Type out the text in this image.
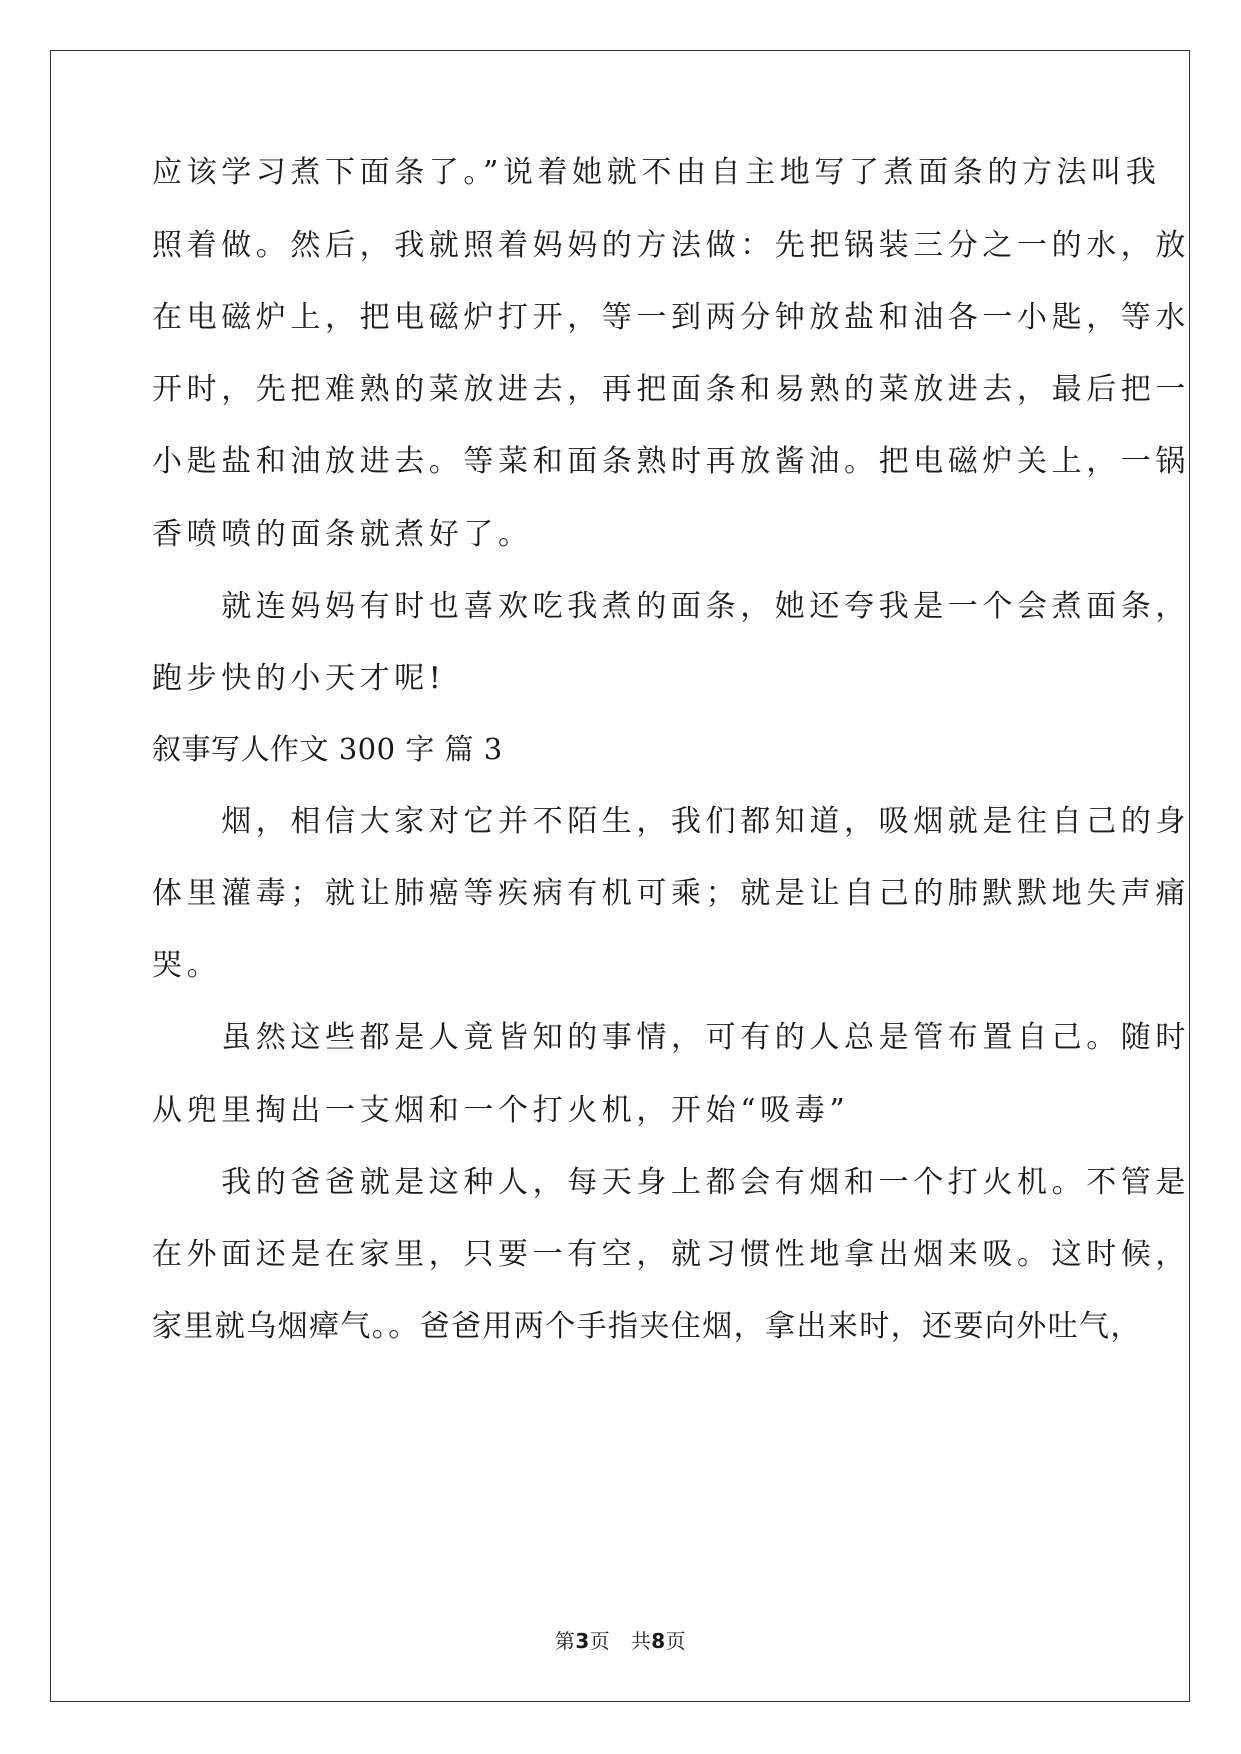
应该学习煮下面条了。”说着她就不由自主地写了煮面条的方法叫我
照着做。然后，我就照着妈妈的方法做：先把锅装三分之一的水，放
在电磁炉上，把电磁炉打开，等一到两分钟放盐和油各一小匙，等水
开时，先把难熟的菜放进去，再把面条和易熟的菜放进去，最后把一
小匙盐和油放进去。等菜和面条熟时再放酱油。把电磁炉关上，一锅
香喷喷的面条就煮好了。
　　就连妈妈有时也喜欢吃我煮的面条，她还夸我是一个会煮面条，
跑步快的小天才呢!
叙事写人作文 300 字 篇 3
　　烟，相信大家对它并不陌生，我们都知道，吸烟就是往自己的身
体里灌毒；就让肺癌等疾病有机可乘；就是让自己的肺默默地失声痛
哭。
　　虽然这些都是人竟皆知的事情，可有的人总是管布置自己。随时
从兜里掏出一支烟和一个打火机，开始“吸毒”
　　我的爸爸就是这种人，每天身上都会有烟和一个打火机。不管是
在外面还是在家里，只要一有空，就习惯性地拿出烟来吸。这时候，
家里就乌烟瘴气。。爸爸用两个手指夹住烟，拿出来时，还要向外吐气，
第3页　共8页
